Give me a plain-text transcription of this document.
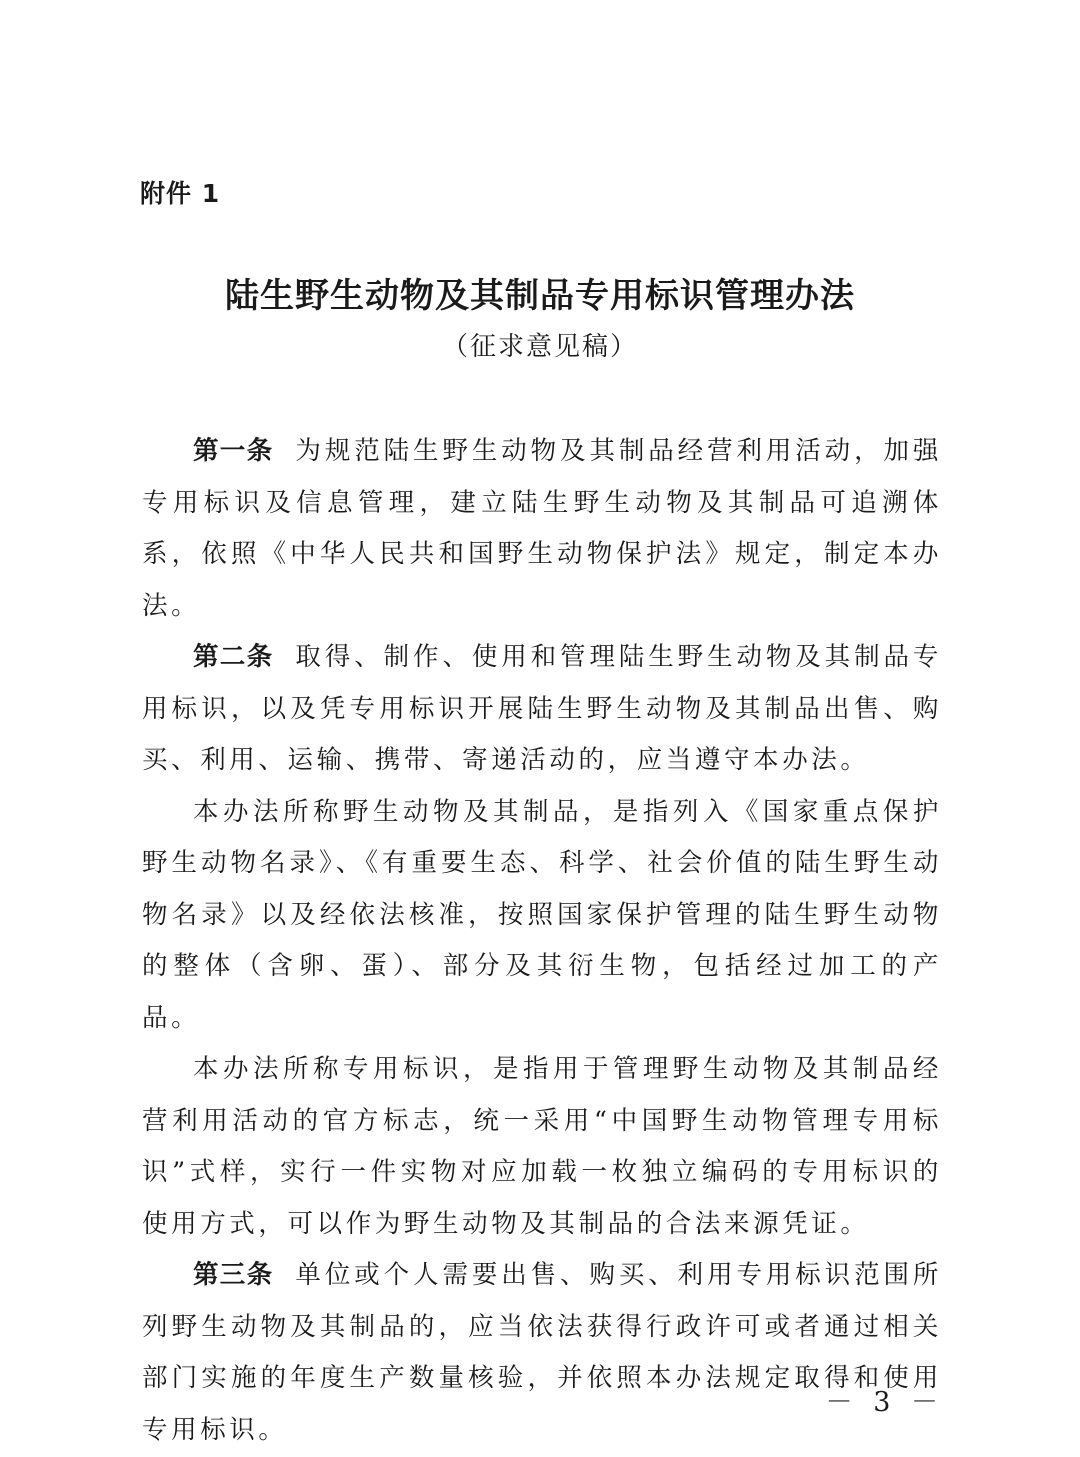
附件 1
陆生野生动物及其制品专用标识管理办法
（征求意见稿）

第一条 为规范陆生野生动物及其制品经营利用活动，加强专用标识及信息管理，建立陆生野生动物及其制品可追溯体系，依照《中华人民共和国野生动物保护法》规定，制定本办法。

第二条 取得、制作、使用和管理陆生野生动物及其制品专用标识，以及凭专用标识开展陆生野生动物及其制品出售、购买、利用、运输、携带、寄递活动的，应当遵守本办法。

本办法所称野生动物及其制品，是指列入《国家重点保护野生动物名录》、《有重要生态、科学、社会价值的陆生野生动物名录》以及经依法核准，按照国家保护管理的陆生野生动物的整体（含卵、蛋）、部分及其衍生物，包括经过加工的产品。

本办法所称专用标识，是指用于管理野生动物及其制品经营利用活动的官方标志，统一采用“中国野生动物管理专用标识”式样，实行一件实物对应加载一枚独立编码的专用标识的使用方式，可以作为野生动物及其制品的合法来源凭证。

第三条 单位或个人需要出售、购买、利用专用标识范围所列野生动物及其制品的，应当依法获得行政许可或者通过相关部门实施的年度生产数量核验，并依照本办法规定取得和使用专用标识。

－ 3 －
